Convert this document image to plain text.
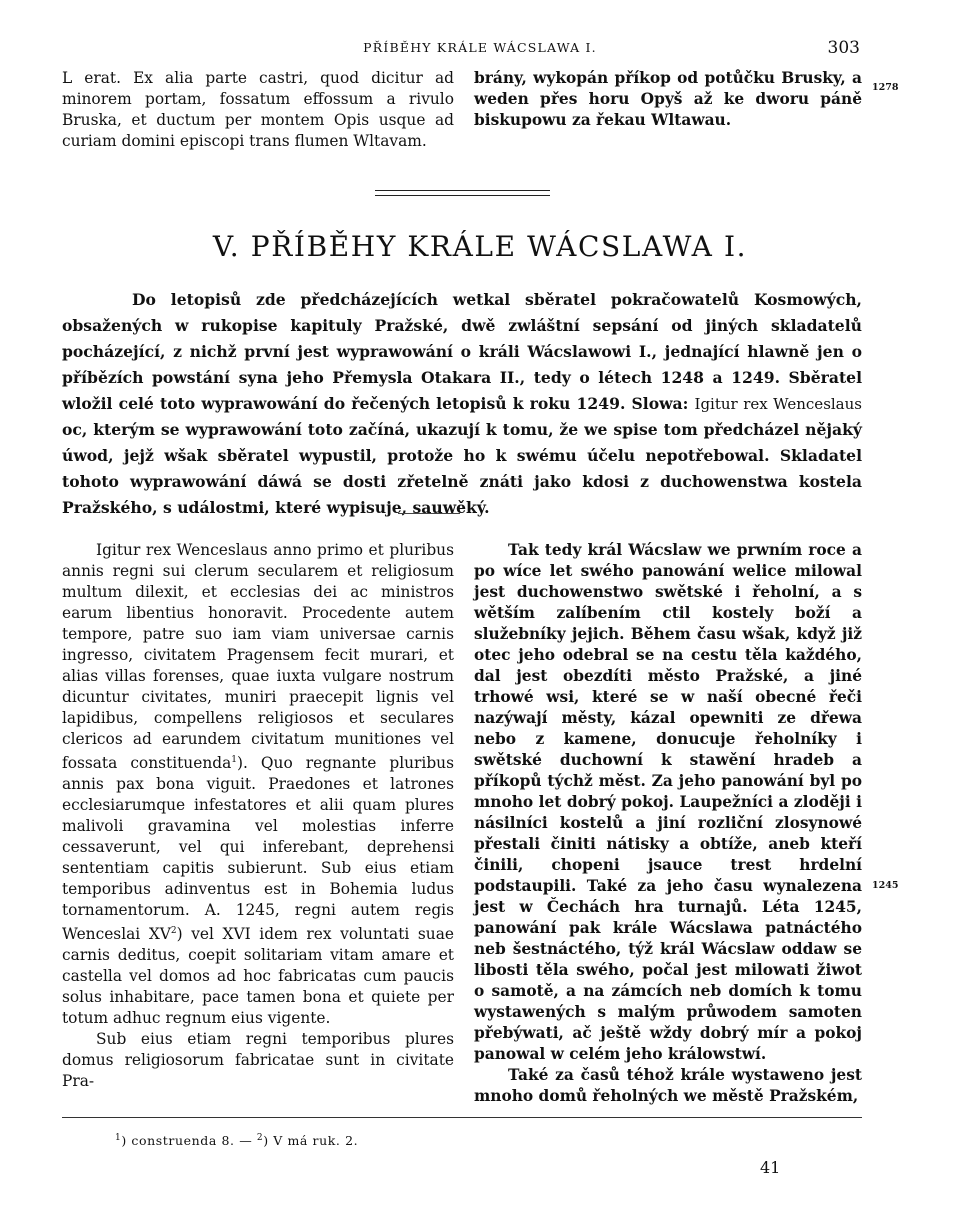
PŘÍBĚHY KRÁLE WÁCSLAWA I.	303

L erat. Ex alia parte castri, quod dicitur ad minorem portam, fossatum effossum a rivulo Bruska, et ductum per montem Opis usque ad curiam domini episcopi trans flumen Wltavam.

brány, wykopán příkop od potůčku Brusky, a weden přes horu Opyš až ke dworu páně biskupowu za řekau Wltawau.

1278
V. PŘÍBĚHY KRÁLE WÁCSLAWA I.

Do letopisů zde předcházejících wetkal sběratel pokračowatelů Kosmowých, obsažených w rukopise kapituly Pražské, dwě zwláštní sepsání od jiných skladatelů pocházející, z nichž první jest wyprawowání o králi Wácslawowi I., jednající hlawně jen o příbězích powstání syna jeho Přemysla Otakara II., tedy o létech 1248 a 1249. Sběratel wložil celé toto wyprawowání do řečených letopisů k roku 1249. Slowa: Igitur rex Wenceslaus oc, kterým se wyprawowání toto začíná, ukazují k tomu, že we spise tom předcházel nějaký úwod, jejž wšak sběratel wypustil, protože ho k swému účelu nepotřebowal. Skladatel tohoto wyprawowání dáwá se dosti zřetelně znáti jako kdosi z duchowenstwa kostela Pražského, s událostmi, které wypisuje, sauwěký.

Igitur rex Wenceslaus anno primo et pluribus annis regni sui clerum secularem et religiosum multum dilexit, et ecclesias dei ac ministros earum libentius honoravit. Procedente autem tempore, patre suo iam viam universae carnis ingresso, civitatem Pragensem fecit murari, et alias villas forenses, quae iuxta vulgare nostrum dicuntur civitates, muniri praecepit lignis vel lapidibus, compellens religiosos et seculares clericos ad earundem civitatum munitiones vel fossata constituenda$^1$). Quo regnante pluribus annis pax bona viguit. Praedones et latrones ecclesiarumque infestatores et alii quam plures malivoli gravamina vel molestias inferre cessaverunt, vel qui inferebant, deprehensi sententiam capitis subierunt. Sub eius etiam temporibus adinventus est in Bohemia ludus tornamentorum. A. 1245, regni autem regis Wenceslai $XV^2$) vel XVI idem rex voluntati suae carnis deditus, coepit solitariam vitam amare et castella vel domos ad hoc fabricatas cum paucis solus inhabitare, pace tamen bona et quiete per totum adhuc regnum eius vigente.

Sub eius etiam regni temporibus plures domus religiosorum fabricatae sunt in civitate Pra-

Tak tedy král Wácslaw we prwním roce a po wíce let swého panowání welice milowal jest duchowenstwo swětské i řeholní, a s wětším zalíbením ctil kostely boží a služebníky jejich. Během času wšak, když již otec jeho odebral se na cestu těla každého, dal jest obezdíti město Pražské, a jiné trhowé wsi, které se w naší obecné řeči nazýwají městy, kázal opewniti ze dřewa nebo z kamene, donucuje řeholníky i swětské duchowní k stawění hradeb a příkopů týchž měst. Za jeho panowání byl po mnoho let dobrý pokoj. Laupežníci a zloději i násilníci kostelů a jiní rozliční zlosynowé přestali činiti nátisky a obtíže, aneb kteří činili, chopeni jsauce trest hrdelní podstaupili. Také za jeho času wynalezena jest w Čechách hra turnajů. Léta 1245, panowání pak krále Wácslawa patnáctého neb šestnáctého, týž král Wácslaw oddaw se libosti těla swého, počal jest milowati žiwot o samotě, a na zámcích neb domích k tomu wystawených s malým průwodem samoten přebýwati, ač ještě wždy dobrý mír a pokoj panowal w celém jeho králowstwí.

Také za časů téhož krále wystaweno jest mnoho domů řeholných we městě Pražském,

1245
$^1$) construenda 8. — $^2$) V má ruk. 2.
41
